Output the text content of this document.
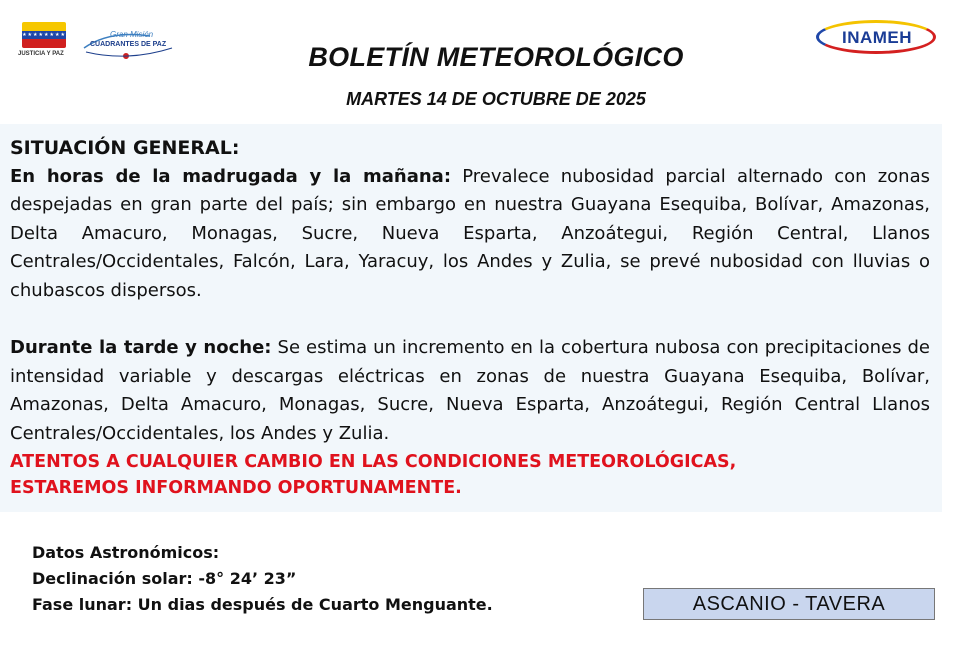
★★★★★★★★
JUSTICIA Y PAZ
Gran Misión
CUADRANTES DE PAZ	BOLETÍN METEOROLÓGICO
MARTES 14 DE OCTUBRE DE 2025
INAMEH

SITUACIÓN GENERAL:

En horas de la madrugada y la mañana: Prevalece nubosidad parcial alternado con zonas despejadas en gran parte del país; sin embargo en nuestra Guayana Esequiba, Bolívar, Amazonas, Delta Amacuro, Monagas, Sucre, Nueva Esparta, Anzoátegui, Región Central, Llanos Centrales/Occidentales, Falcón, Lara, Yaracuy, los Andes y Zulia, se prevé nubosidad con lluvias o chubascos dispersos.

Durante la tarde y noche: Se estima un incremento en la cobertura nubosa con precipitaciones de intensidad variable y descargas eléctricas en zonas de nuestra Guayana Esequiba, Bolívar, Amazonas, Delta Amacuro, Monagas, Sucre, Nueva Esparta, Anzoátegui, Región Central Llanos Centrales/Occidentales, los Andes y Zulia.

ATENTOS A CUALQUIER CAMBIO EN LAS CONDICIONES METEOROLÓGICAS,

ESTAREMOS INFORMANDO OPORTUNAMENTE.

Datos Astronómicos:
Declinación solar: -8° 24’ 23”
Fase lunar: Un dias después de Cuarto Menguante.	ASCANIO - TAVERA
